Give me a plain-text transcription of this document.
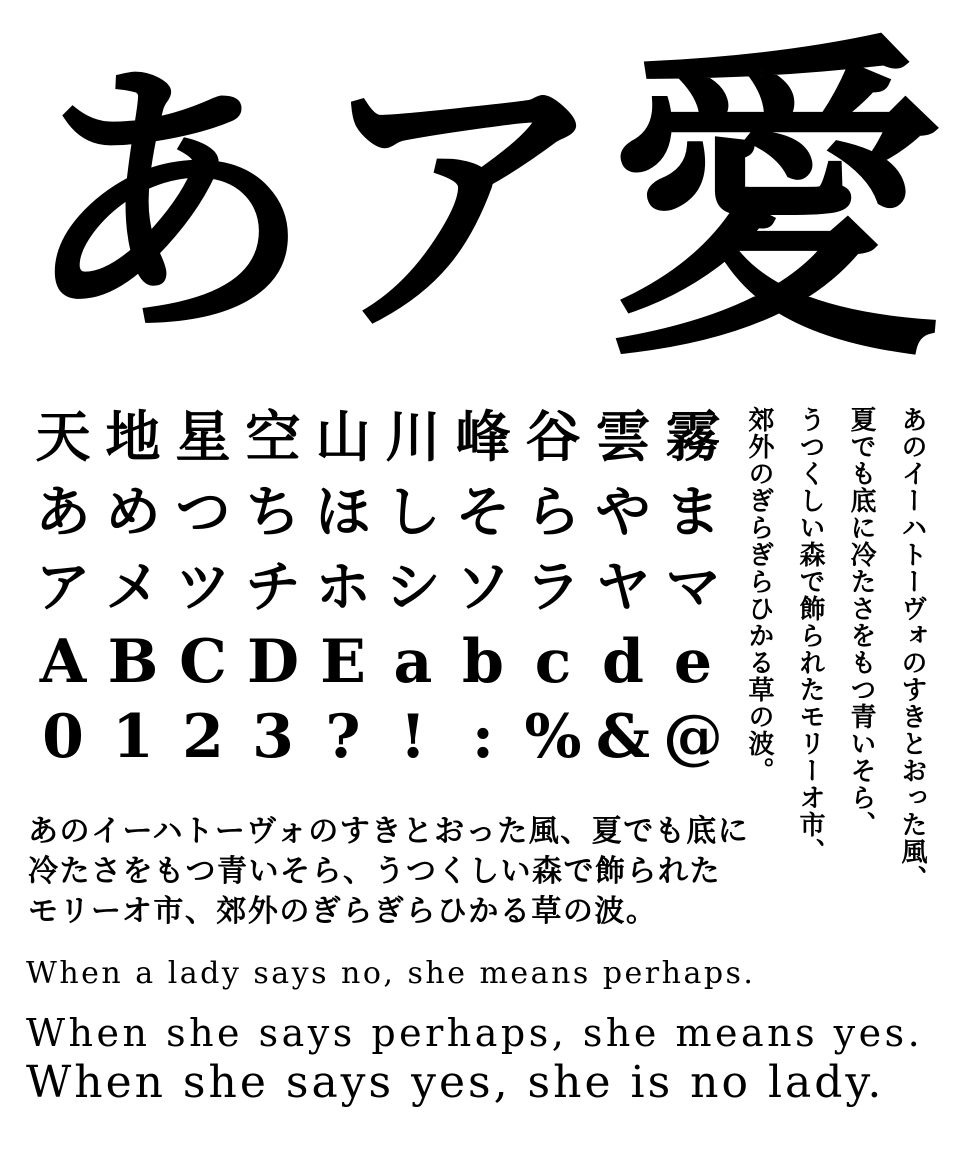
あ ア 愛
天 地 星 空 山 川 峰 谷 雲 霧
あ め つ ち ほ し そ ら や ま
ア メ ツ チ ホ シ ソ ラ ヤ マ
A B C D E a b c d e
0 1 2 3 ? ! : % & @	あのイーハトーヴォのすきとおった風、
夏でも底に冷たさをもつ青いそら、
うつくしい森で飾られたモリーオ市、
郊外のぎらぎらひかる草の波。
あのイーハトーヴォのすきとおった風、夏でも底に
冷たさをもつ青いそら、うつくしい森で飾られた
モリーオ市、郊外のぎらぎらひかる草の波。
When a lady says no, she means perhaps.
When she says perhaps, she means yes.
When she says yes, she is no lady.
